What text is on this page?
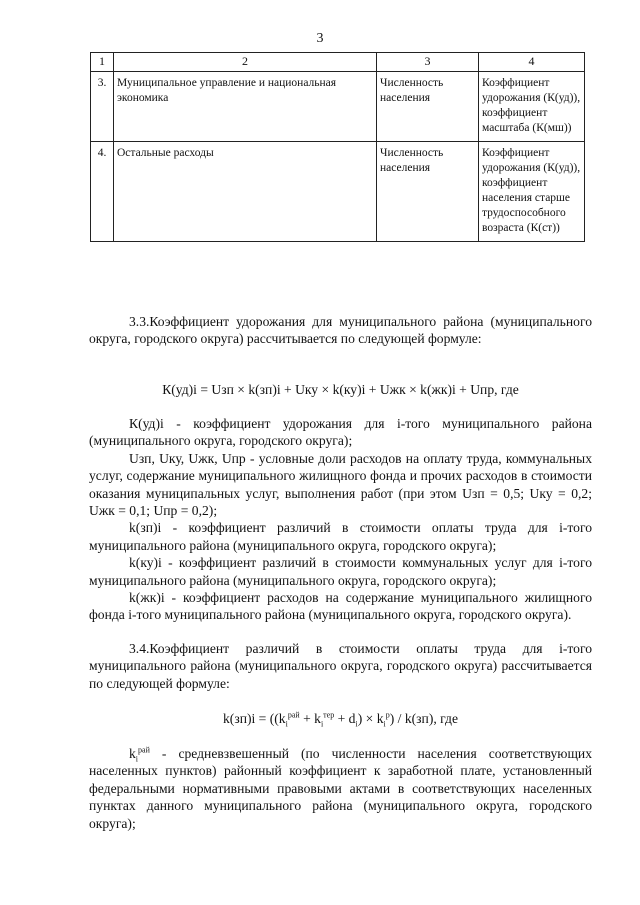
3
1	2	3	4
3.	Муниципальное управление и национальная экономика	Численность населения	Коэффициент удорожания (К(уд)), коэффициент масштаба (К(мш))
4.	Остальные расходы	Численность населения	Коэффициент удорожания (К(уд)), коэффициент населения старше трудоспособного возраста (К(ст))

3.3.Коэффициент удорожания для муниципального района (муниципального округа, городского округа) рассчитывается по следующей формуле:

К(уд)i = Uзп × k(зп)i + Uку × k(ку)i + Uжк × k(жк)i + Uпр, где

К(уд)i - коэффициент удорожания для i-того муниципального района (муниципального округа, городского округа);

Uзп, Uку, Uжк, Uпр - условные доли расходов на оплату труда, коммунальных услуг, содержание муниципального жилищного фонда и прочих расходов в стоимости оказания муниципальных услуг, выполнения работ (при этом Uзп = 0,5; Uку = 0,2; Uжк = 0,1; Uпр = 0,2);

k(зп)i - коэффициент различий в стоимости оплаты труда для i-того муниципального района (муниципального округа, городского округа);

k(ку)i - коэффициент различий в стоимости коммунальных услуг для i-того муниципального района (муниципального округа, городского округа);

k(жк)i - коэффициент расходов на содержание муниципального жилищного фонда i-того муниципального района (муниципального округа, городского округа).

3.4.Коэффициент различий в стоимости оплаты труда для i-того муниципального района (муниципального округа, городского округа) рассчитывается по следующей формуле:

$k(зп)i = ((k_i^{рай} + k_i^{тер} + d_i) \times k_i^р) / k(зп)$, где

$k_i^{рай}$ - средневзвешенный (по численности населения соответствующих населенных пунктов) районный коэффициент к заработной плате, установленный федеральными нормативными правовыми актами в соответствующих населенных пунктах данного муниципального района (муниципального округа, городского округа);
